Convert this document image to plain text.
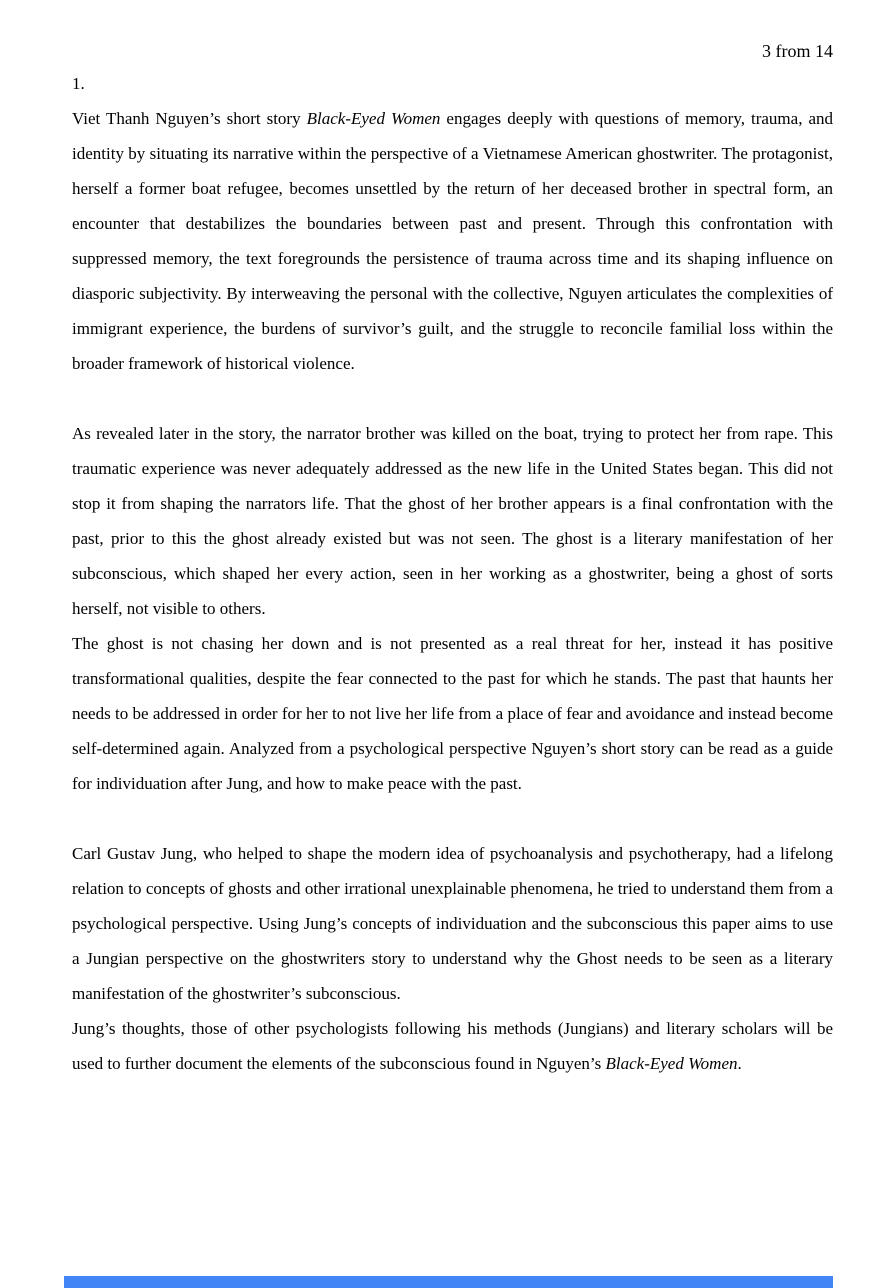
3 from 14
1.

Viet Thanh Nguyen’s short story Black-Eyed Women engages deeply with questions of memory, trauma, and identity by situating its narrative within the perspective of a Vietnamese American ghostwriter. The protagonist, herself a former boat refugee, becomes unsettled by the return of her deceased brother in spectral form, an encounter that destabilizes the boundaries between past and present. Through this confrontation with suppressed memory, the text foregrounds the persistence of trauma across time and its shaping influence on diasporic subjectivity. By interweaving the personal with the collective, Nguyen articulates the complexities of immigrant experience, the burdens of survivor’s guilt, and the struggle to reconcile familial loss within the broader framework of historical violence.

As revealed later in the story, the narrator brother was killed on the boat, trying to protect her from rape. This traumatic experience was never adequately addressed as the new life in the United States began. This did not stop it from shaping the narrators life. That the ghost of her brother appears is a final confrontation with the past, prior to this the ghost already existed but was not seen. The ghost is a literary manifestation of her subconscious, which shaped her every action, seen in her working as a ghostwriter, being a ghost of sorts herself, not visible to others.

The ghost is not chasing her down and is not presented as a real threat for her, instead it has positive transformational qualities, despite the fear connected to the past for which he stands. The past that haunts her needs to be addressed in order for her to not live her life from a place of fear and avoidance and instead become self-determined again. Analyzed from a psychological perspective Nguyen’s short story can be read as a guide for individuation after Jung, and how to make peace with the past.

Carl Gustav Jung, who helped to shape the modern idea of psychoanalysis and psychotherapy, had a lifelong relation to concepts of ghosts and other irrational unexplainable phenomena, he tried to understand them from a psychological perspective. Using Jung’s concepts of individuation and the subconscious this paper aims to use a Jungian perspective on the ghostwriters story to understand why the Ghost needs to be seen as a literary manifestation of the ghostwriter’s subconscious.

Jung’s thoughts, those of other psychologists following his methods (Jungians) and literary scholars will be used to further document the elements of the subconscious found in Nguyen’s Black-Eyed Women.
